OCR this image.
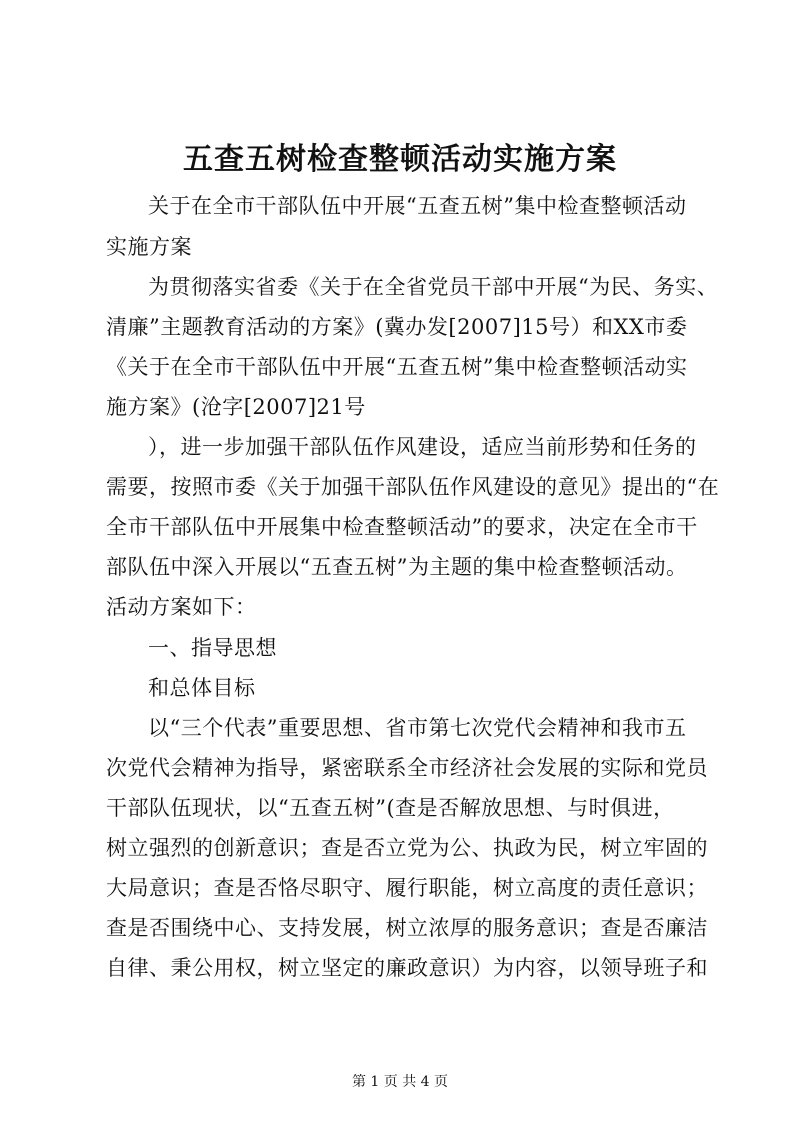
五查五树检查整顿活动实施方案
关于在全市干部队伍中开展“五查五树”集中检查整顿活动
实施方案
为贯彻落实省委《关于在全省党员干部中开展“为民、务实、
清廉”主题教育活动的方案》(冀办发[2007]15号）和XX市委
《关于在全市干部队伍中开展“五查五树”集中检查整顿活动实
施方案》(沧字[2007]21号
），进一步加强干部队伍作风建设，适应当前形势和任务的
需要，按照市委《关于加强干部队伍作风建设的意见》提出的“在
全市干部队伍中开展集中检查整顿活动”的要求，决定在全市干
部队伍中深入开展以“五查五树”为主题的集中检查整顿活动。
活动方案如下：
一、指导思想
和总体目标
以“三个代表”重要思想、省市第七次党代会精神和我市五
次党代会精神为指导，紧密联系全市经济社会发展的实际和党员
干部队伍现状，以“五查五树”(查是否解放思想、与时俱进，
树立强烈的创新意识；查是否立党为公、执政为民，树立牢固的
大局意识；查是否恪尽职守、履行职能，树立高度的责任意识；
查是否围绕中心、支持发展，树立浓厚的服务意识；查是否廉洁
自律、秉公用权，树立坚定的廉政意识）为内容，以领导班子和
第 1 页 共 4 页
